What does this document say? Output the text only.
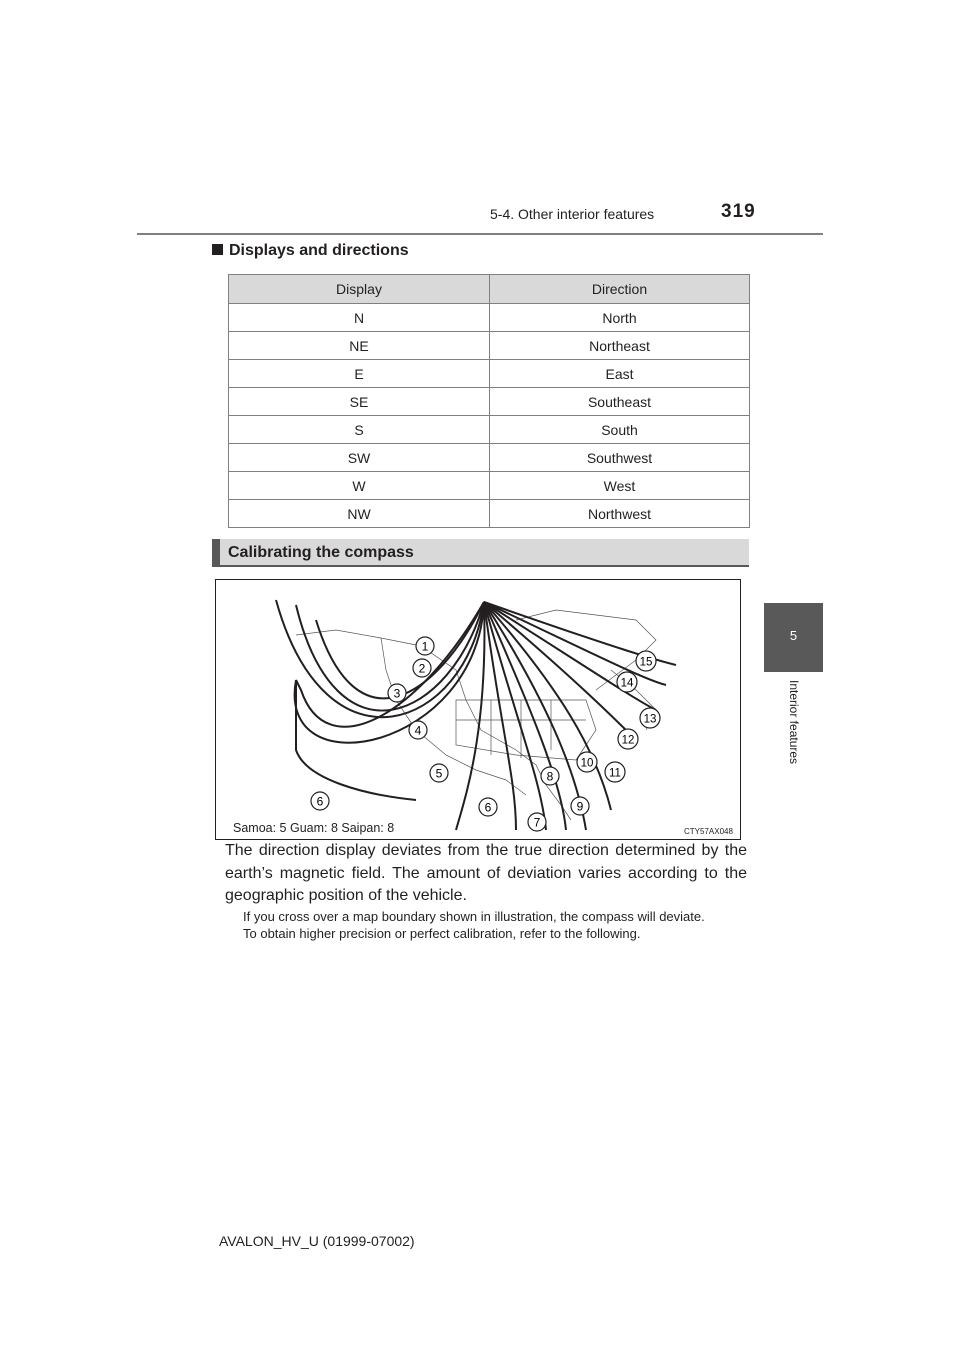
5-4. Other interior features	319
5
Interior features
Displays and directions
Display	Direction
N	North
NE	Northeast
E	East
SE	Southeast
S	South
SW	Southwest
W	West
NW	Northwest
Calibrating the compass
1
2
3
4
5
6	6
7
8
9
10
11
12
13
14
15
Samoa: 5 Guam: 8 Saipan: 8	CTY57AX048
The direction display deviates from the true direction determined by the earth’s magnetic field. The amount of deviation varies according to the geographic position of the vehicle.

If you cross over a map boundary shown in illustration, the compass will deviate.

To obtain higher precision or perfect calibration, refer to the following.

AVALON_HV_U (01999-07002)
